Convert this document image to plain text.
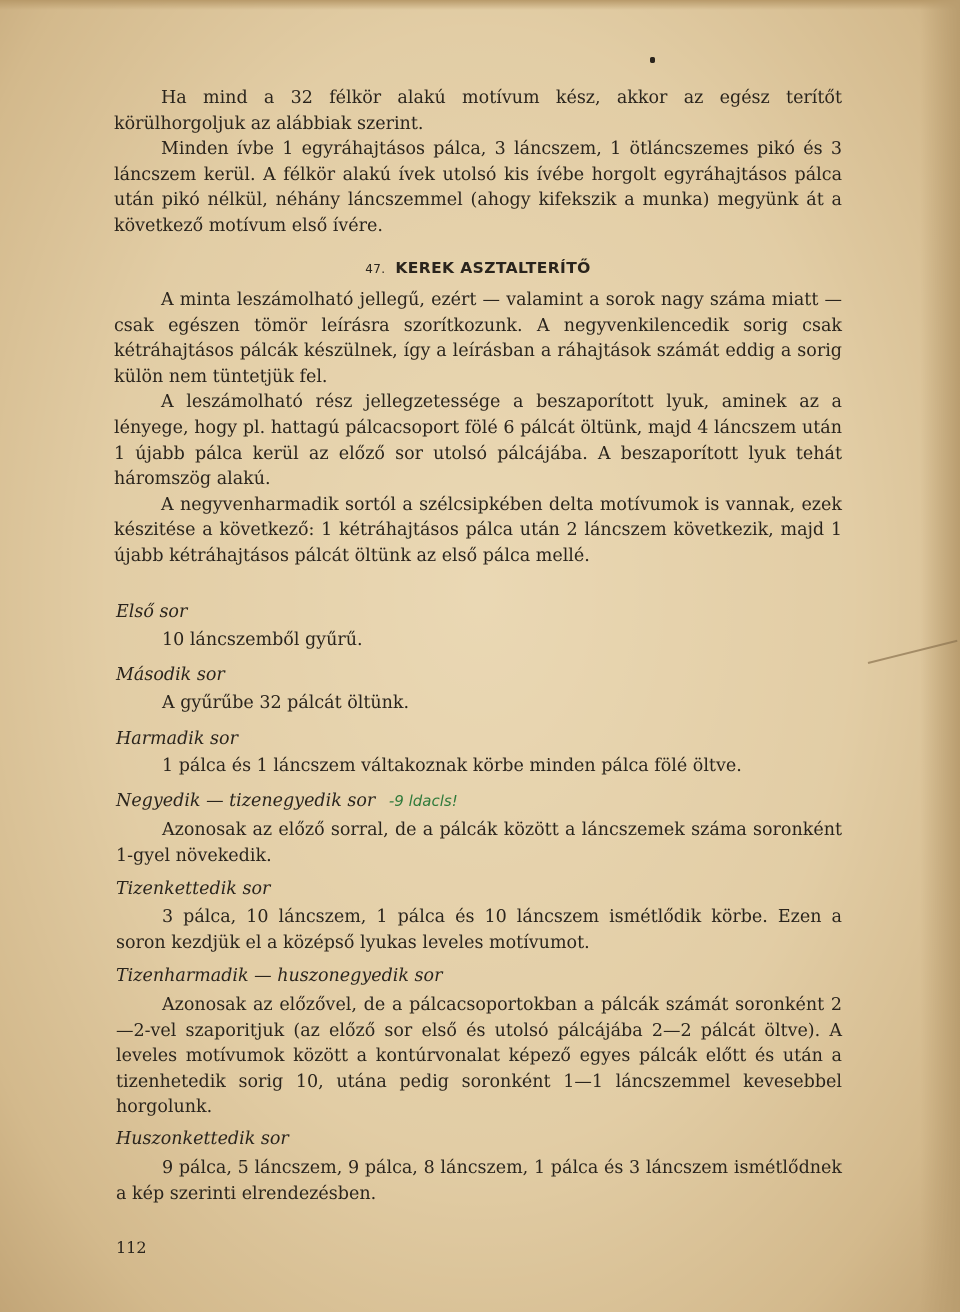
Ha mind a 32 félkör alakú motívum kész, akkor az egész terítőt körülhorgoljuk az alábbiak szerint.

Minden ívbe 1 egyráhajtásos pálca, 3 láncszem, 1 ötláncszemes pikó és 3 láncszem kerül. A félkör alakú ívek utolsó kis ívébe horgolt egyráhajtásos pálca után pikó nélkül, néhány láncszemmel (ahogy kifekszik a munka) megyünk át a következő motívum első ívére.

47. KEREK ASZTALTERÍTŐ

A minta leszámolható jellegű, ezért — valamint a sorok nagy száma miatt — csak egészen tömör leírásra szorítkozunk. A negyvenkilencedik sorig csak kétráhajtásos pálcák készülnek, így a leírásban a ráhajtások számát eddig a sorig külön nem tüntetjük fel.

A leszámolható rész jellegzetessége a beszaporított lyuk, aminek az a lényege, hogy pl. hattagú pálcacsoport fölé 6 pálcát öltünk, majd 4 láncszem után 1 újabb pálca kerül az előző sor utolsó pálcájába. A beszaporított lyuk tehát háromszög alakú.

A negyvenharmadik sortól a szélcsipkében delta motívumok is vannak, ezek készitése a következő: 1 kétráhajtásos pálca után 2 láncszem következik, majd 1 újabb kétráhajtásos pálcát öltünk az első pálca mellé.

Első sor
10 láncszemből gyűrű.
Második sor
A gyűrűbe 32 pálcát öltünk.
Harmadik sor
1 pálca és 1 láncszem váltakoznak körbe minden pálca fölé öltve.
Negyedik — tizenegyedik sor -9 ldacls!
Azonosak az előző sorral, de a pálcák között a láncszemek száma soronként 1-gyel növekedik.
Tizenkettedik sor
3 pálca, 10 láncszem, 1 pálca és 10 láncszem ismétlődik körbe. Ezen a soron kezdjük el a középső lyukas leveles motívumot.
Tizenharmadik — huszonegyedik sor
Azonosak az előzővel, de a pálcacsoportokban a pálcák számát soronként 2—2-vel szaporitjuk (az előző sor első és utolsó pálcájába 2—2 pálcát öltve). A leveles motívumok között a kontúrvonalat képező egyes pálcák előtt és után a tizenhetedik sorig 10, utána pedig soronként 1—1 láncszemmel kevesebbel horgolunk.
Huszonkettedik sor
9 pálca, 5 láncszem, 9 pálca, 8 láncszem, 1 pálca és 3 láncszem ismétlődnek a kép szerinti elrendezésben.
112
